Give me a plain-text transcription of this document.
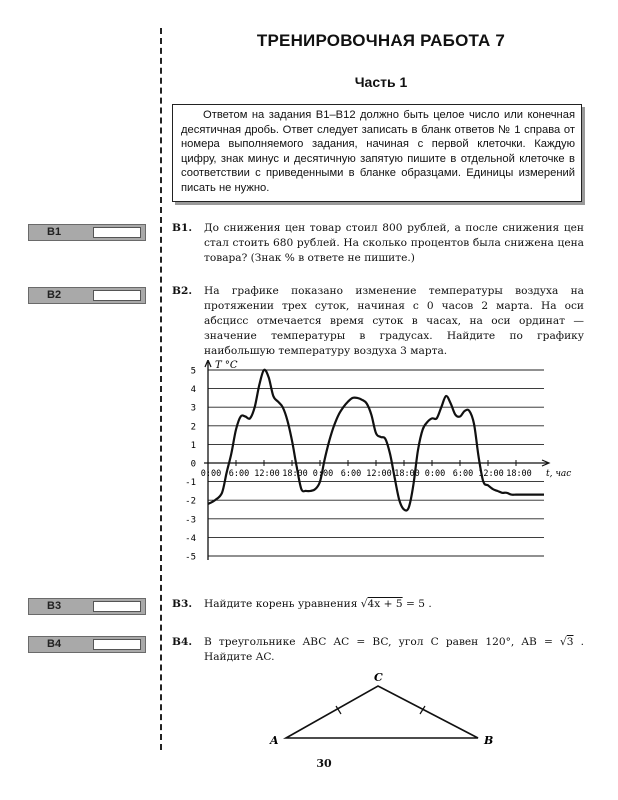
ТРЕНИРОВОЧНАЯ РАБОТА 7
Часть 1
Ответом на задания B1–B12 должно быть целое число или конечная десятичная дробь. Ответ следует записать в бланк ответов № 1 справа от номера выполняемого задания, начиная с первой клеточки. Каждую цифру, знак минус и десятичную запятую пишите в отдельной клеточке в соответствии с приведенными в бланке образцами. Единицы измерений писать не нужно.
B1
B2
B3
B4
B1. До снижения цен товар стоил 800 рублей, а после снижения цен стал стоить 680 рублей. На сколько процентов была снижена цена товара? (Знак % в ответе не пишите.)
B2. На графике показано изменение температуры воздуха на протяжении трех суток, начиная с 0 часов 2 марта. На оси абсцисс отмечается время суток в часах, на оси ординат — значение температуры в градусах. Найдите по графику наибольшую температуру воздуха 3 марта.
5
4
3
2
1
0
-1
-2
-3
-4
-5
0:00 6:00 12:00 18:00 0:00 6:00 12:00 18:00 0:00 6:00 12:00 18:00
T °C
t, час
B3. Найдите корень уравнения √4x + 5 = 5 .
B4. В треугольнике ABC AC = BC, угол C равен 120°, AB = √3 . Найдите AC.
A
C
B
30
